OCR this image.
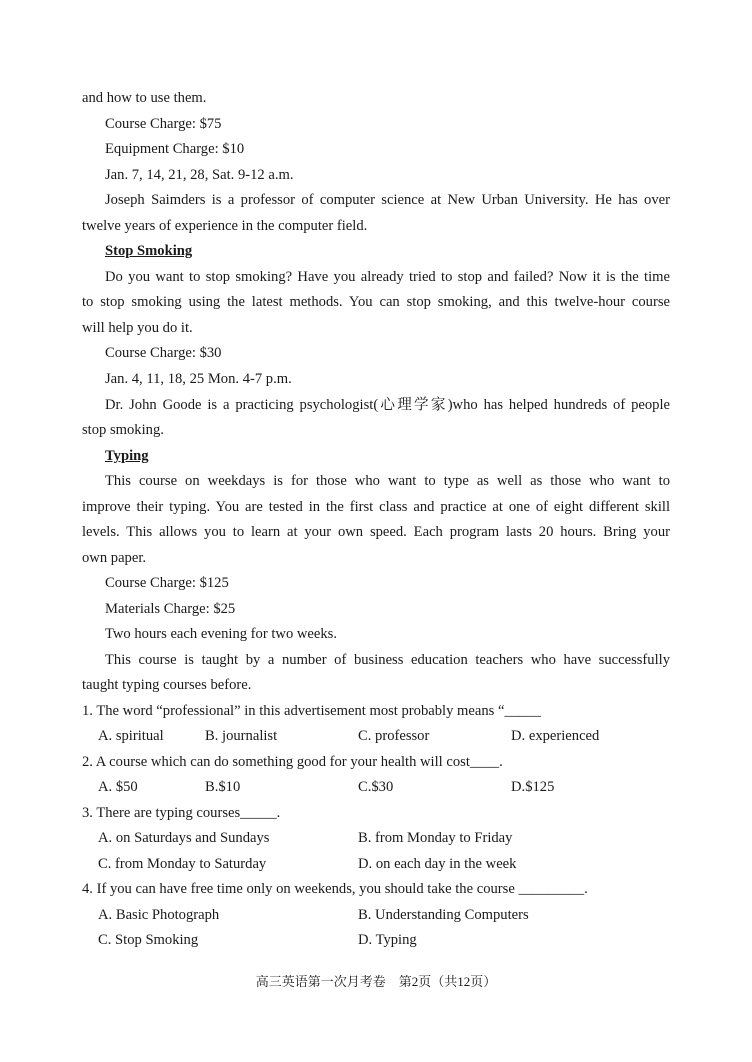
and how to use them.
Course Charge: $75
Equipment Charge: $10
Jan. 7, 14, 21, 28, Sat. 9-12 a.m.
Joseph Saimders is a professor of computer science at New Urban University. He has over
twelve years of experience in the computer field.
Stop Smoking
Do you want to stop smoking? Have you already tried to stop and failed? Now it is the time
to stop smoking using the latest methods. You can stop smoking, and this twelve-hour course
will help you do it.
Course Charge: $30
Jan. 4, 11, 18, 25 Mon. 4-7 p.m.
Dr. John Goode is a practicing psychologist(心理学家)who has helped hundreds of people
stop smoking.
Typing
This course on weekdays is for those who want to type as well as those who want to
improve their typing. You are tested in the first class and practice at one of eight different skill
levels. This allows you to learn at your own speed. Each program lasts 20 hours. Bring your
own paper.
Course Charge: $125
Materials Charge: $25
Two hours each evening for two weeks.
This course is taught by a number of business education teachers who have successfully
taught typing courses before.
1. The word “professional” in this advertisement most probably means “_____
A. spiritual	B. journalist	C. professor	D. experienced
2. A course which can do something good for your health will cost____.
A. $50	B.$10	C.$30	D.$125
3. There are typing courses_____.
A. on Saturdays and Sundays	B. from Monday to Friday
C. from Monday to Saturday	D. on each day in the week
4. If you can have free time only on weekends, you should take the course _________.
A. Basic Photograph	B. Understanding Computers
C. Stop Smoking	D. Typing
高三英语第一次月考卷　第2页（共12页）
